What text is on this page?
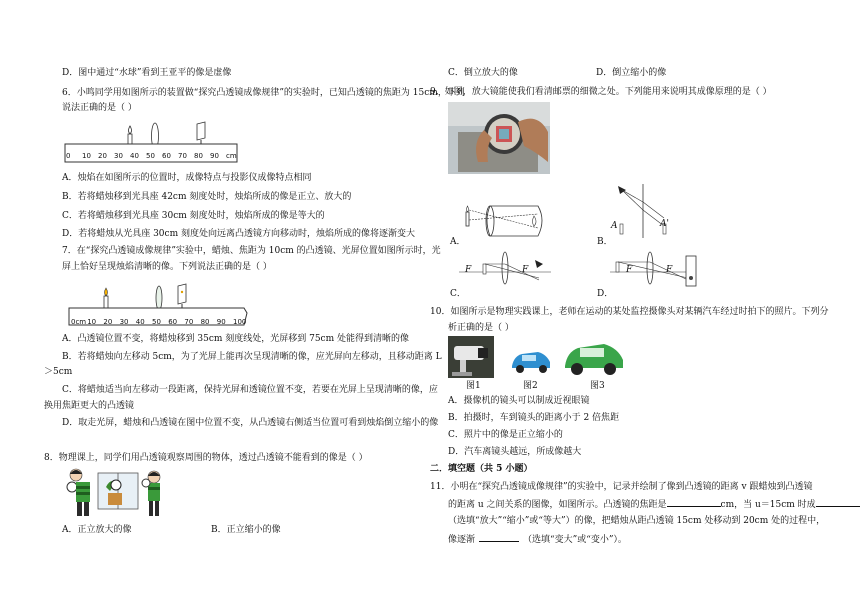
D．图中通过“水球”看到王亚平的像是虚像
6．小鸣同学用如图所示的装置做“探究凸透镜成像规律”的实验时，已知凸透镜的焦距为 15cm，下列
说法正确的是（ ）
0 10 20 30 40 50 60 70 80 90 cm
A．烛焰在如图所示的位置时，成像特点与投影仪成像特点相同
B．若将蜡烛移到光具座 42cm 刻度处时，烛焰所成的像是正立、放大的
C．若将蜡烛移到光具座 30cm 刻度处时，烛焰所成的像是等大的
D．若将蜡烛从光具座 30cm 刻度处向远离凸透镜方向移动时，烛焰所成的像将逐渐变大
7．在“探究凸透镜成像规律”实验中，蜡烛、焦距为 10cm 的凸透镜、光屏位置如图所示时，光
屏上恰好呈现烛焰清晰的像。下列说法正确的是（ ）
0cm 10 20 30 40 50 60 70 80 90 100
A．凸透镜位置不变，将蜡烛移到 35cm 刻度线处，光屏移到 75cm 处能得到清晰的像
B．若将蜡烛向左移动 5cm，为了光屏上能再次呈现清晰的像，应光屏向左移动，且移动距离 L
＞5cm
C．将蜡烛适当向左移动一段距离，保持光屏和透镜位置不变，若要在光屏上呈现清晰的像，应
换用焦距更大的凸透镜
D．取走光屏，蜡烛和凸透镜在图中位置不变，从凸透镜右侧适当位置可看到烛焰倒立缩小的像
8．物理课上，同学们用凸透镜观察周围的物体，透过凸透镜不能看到的像是（ ）
A．正立放大的像	B．正立缩小的像
C．倒立放大的像	D．倒立缩小的像
9．如图，放大镜能使我们看清邮票的细微之处。下列能用来说明其成像原理的是（ ）
A．
A	A'
B．
F	F
C．
F	F
D．
10．如图所示是物理实践课上，老师在运动的某处监控摄像头对某辆汽车经过时拍下的照片。下列分
析正确的是（ ）
图1	图2	图3
A．摄像机的镜头可以制成近视眼镜
B．拍摄时，车到镜头的距离小于 2 倍焦距
C．照片中的像是正立缩小的
D．汽车离镜头越远，所成像越大
二．填空题（共 5 小题）
11．小明在“探究凸透镜成像规律”的实验中，记录并绘制了像到凸透镜的距离 v 跟蜡烛到凸透镜
的距离 u 之间关系的图像，如图所示。凸透镜的焦距是	cm，当 u＝15cm 时成
（选填“放大”“缩小”或“等大”）的像，把蜡烛从距凸透镜 15cm 处移动到 20cm 处的过程中，
像逐渐	（选填“变大”或“变小”）。
